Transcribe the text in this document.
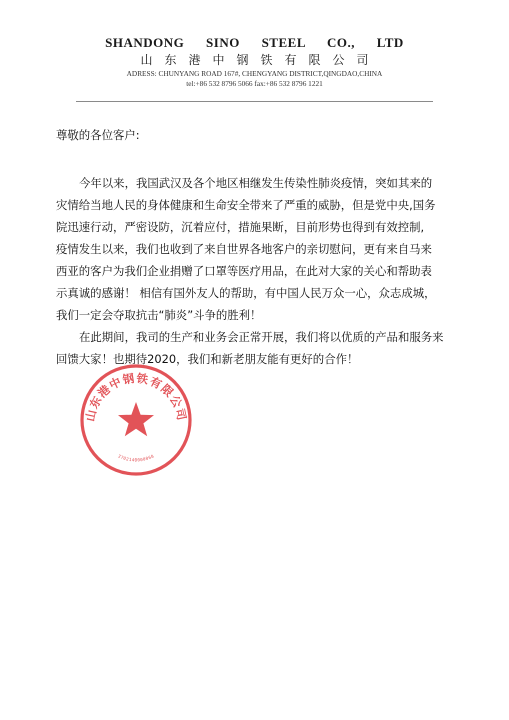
SHANDONG SINO STEEL CO., LTD

山东港中钢铁有限公司

ADRESS: CHUNYANG ROAD 167#, CHENGYANG DISTRICT,QINGDAO,CHINA

tel:+86 532 8796 5066 fax:+86 532 8796 1221

尊敬的各位客户:

今年以来，我国武汉及各个地区相继发生传染性肺炎疫情，突如其来的
灾情给当地人民的身体健康和生命安全带来了严重的威胁，但是党中央,国务
院迅速行动，严密设防，沉着应付，措施果断，目前形势也得到有效控制,
疫情发生以来，我们也收到了来自世界各地客户的亲切慰问，更有来自马来
西亚的客户为我们企业捐赠了口罩等医疗用品，在此对大家的关心和帮助表
示真诚的感谢！ 相信有国外友人的帮助，有中国人民万众一心，众志成城，
我们一定会夺取抗击“肺炎”斗争的胜利！

在此期间，我司的生产和业务会正常开展，我们将以优质的产品和服务来
回馈大家！也期待2020，我们和新老朋友能有更好的合作！

山东港中钢铁有限公司
3702140000068
